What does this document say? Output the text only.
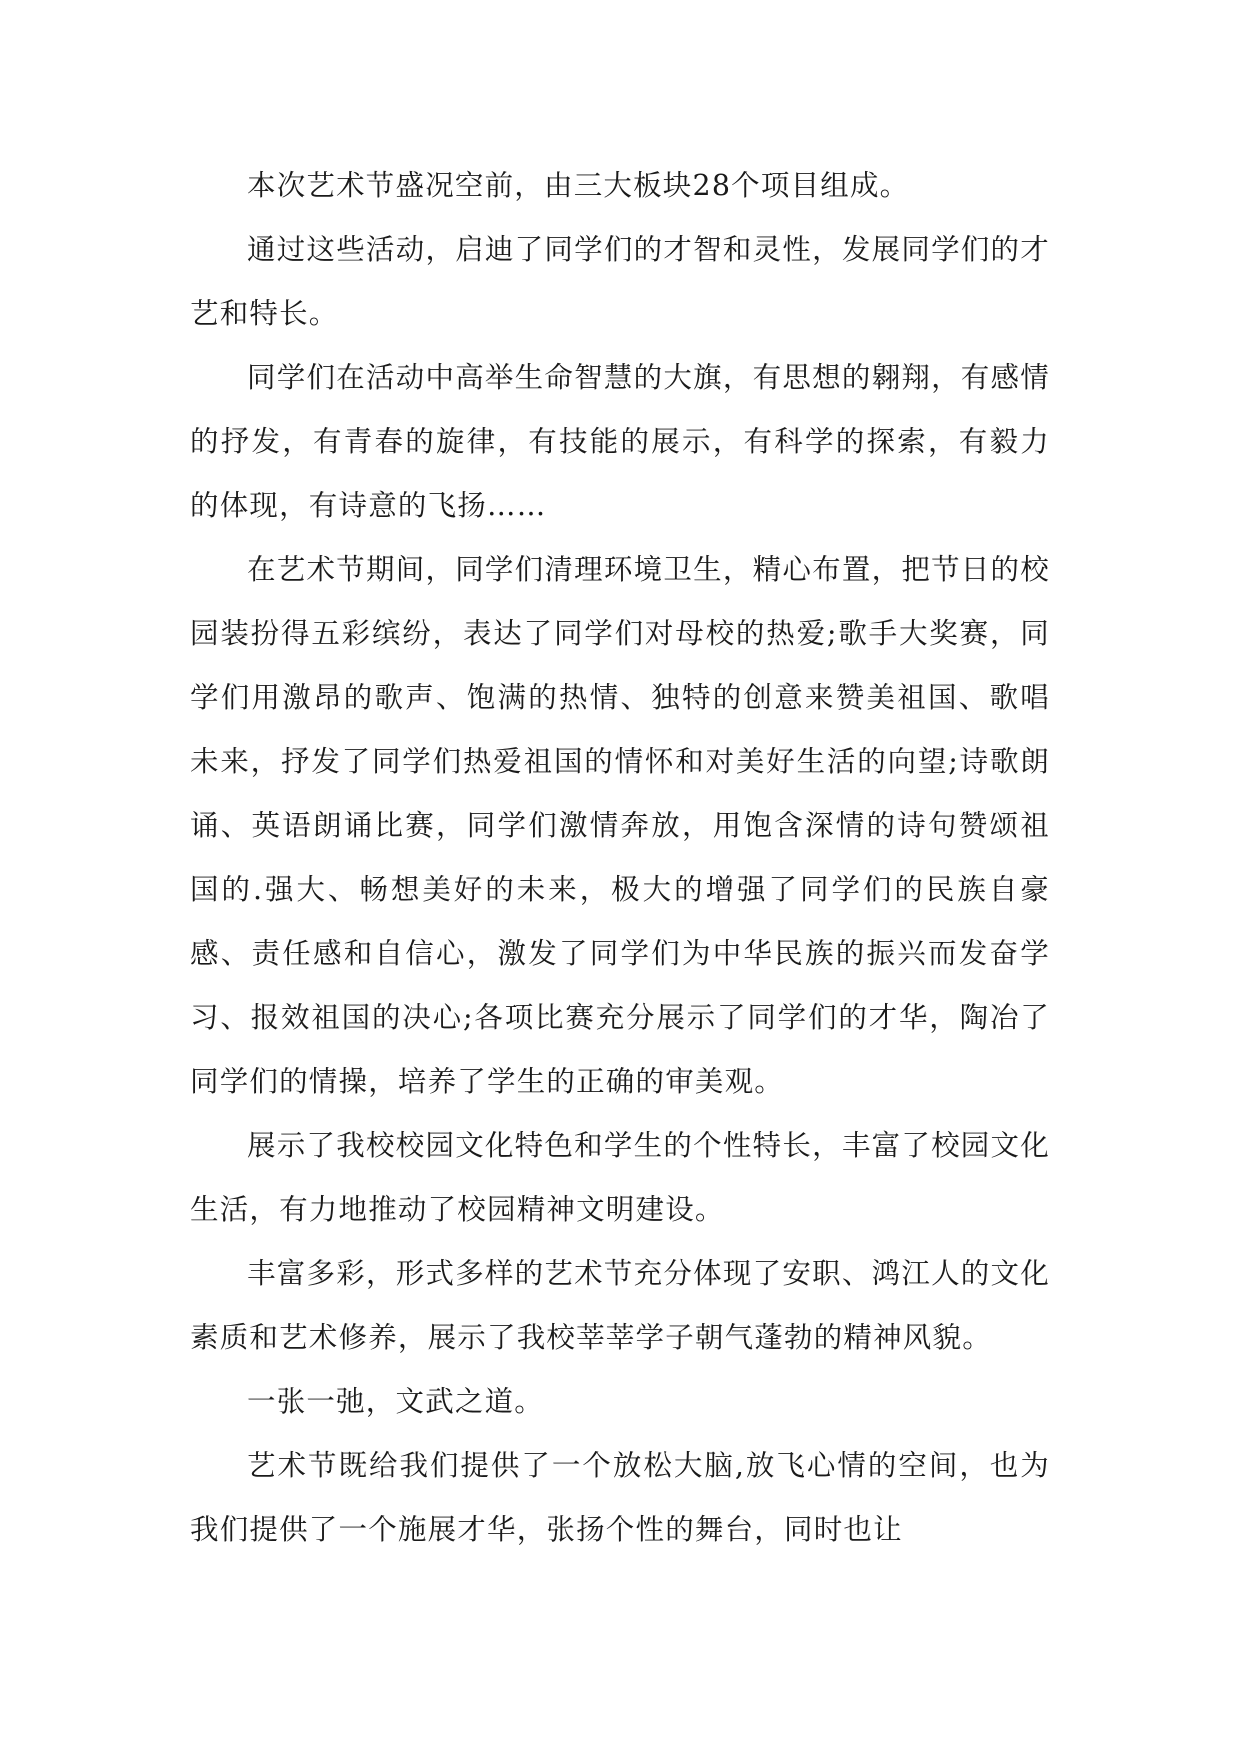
本次艺术节盛况空前，由三大板块28个项目组成。

通过这些活动，启迪了同学们的才智和灵性，发展同学们的才艺和特长。

同学们在活动中高举生命智慧的大旗，有思想的翱翔，有感情的抒发，有青春的旋律，有技能的展示，有科学的探索，有毅力的体现，有诗意的飞扬……

在艺术节期间，同学们清理环境卫生，精心布置，把节日的校园装扮得五彩缤纷，表达了同学们对母校的热爱;歌手大奖赛，同学们用激昂的歌声、饱满的热情、独特的创意来赞美祖国、歌唱未来，抒发了同学们热爱祖国的情怀和对美好生活的向望;诗歌朗诵、英语朗诵比赛，同学们激情奔放，用饱含深情的诗句赞颂祖国的.强大、畅想美好的未来，极大的增强了同学们的民族自豪感、责任感和自信心，激发了同学们为中华民族的振兴而发奋学习、报效祖国的决心;各项比赛充分展示了同学们的才华，陶冶了同学们的情操，培养了学生的正确的审美观。

展示了我校校园文化特色和学生的个性特长，丰富了校园文化生活，有力地推动了校园精神文明建设。

丰富多彩，形式多样的艺术节充分体现了安职、鸿江人的文化素质和艺术修养，展示了我校莘莘学子朝气蓬勃的精神风貌。

一张一弛，文武之道。

艺术节既给我们提供了一个放松大脑,放飞心情的空间，也为我们提供了一个施展才华，张扬个性的舞台，同时也让
